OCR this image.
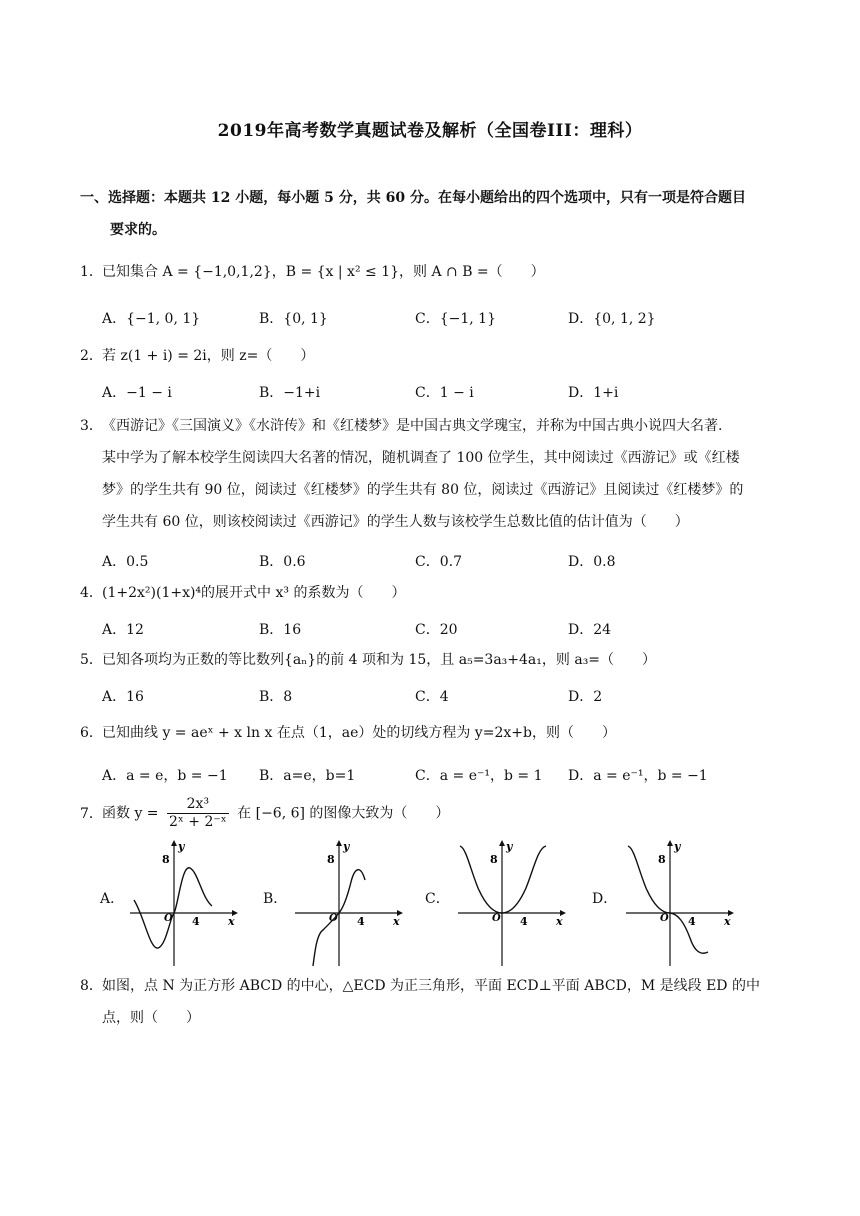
2019年高考数学真题试卷及解析（全国卷III：理科）
一、选择题：本题共 12 小题，每小题 5 分，共 60 分。在每小题给出的四个选项中，只有一项是符合题目
要求的。
1．已知集合 A = {−1,0,1,2}，B = {x | x² ≤ 1}，则 A ∩ B =（　　）
A．{−1, 0, 1}	B．{0, 1}	C．{−1, 1}	D．{0, 1, 2}
2．若 z(1 + i) = 2i，则 z=（　　）
A．−1 − i	B．−1+i	C．1 − i	D．1+i
3．《西游记》《三国演义》《水浒传》和《红楼梦》是中国古典文学瑰宝，并称为中国古典小说四大名著.
某中学为了解本校学生阅读四大名著的情况，随机调查了 100 位学生，其中阅读过《西游记》或《红楼
梦》的学生共有 90 位，阅读过《红楼梦》的学生共有 80 位，阅读过《西游记》且阅读过《红楼梦》的
学生共有 60 位，则该校阅读过《西游记》的学生人数与该校学生总数比值的估计值为（　　）
A．0.5	B．0.6	C．0.7	D．0.8
4．(1+2x²)(1+x)⁴的展开式中 x³ 的系数为（　　）
A．12	B．16	C．20	D．24
5．已知各项均为正数的等比数列{aₙ}的前 4 项和为 15，且 a₅=3a₃+4a₁，则 a₃=（　　）
A．16	B．8	C．4	D．2
6．已知曲线 y = aeˣ + x ln x 在点（1，ae）处的切线方程为 y=2x+b，则（　　）
A．a = e，b = −1 B．a=e，b=1	C．a = e⁻¹，b = 1 D．a = e⁻¹，b = −1
7．函数 $y = \frac{\text{2x³}}{\text{2ˣ + 2⁻ˣ}}$ 在 [−6, 6] 的图像大致为（　　）
A．
y
8
O 4	x
B．
y
8
O 4	x
C．
y
8
O 4	x
D．
y
8
O 4	x
8．如图，点 N 为正方形 ABCD 的中心，△ECD 为正三角形，平面 ECD⊥平面 ABCD，M 是线段 ED 的中
点，则（　　）
